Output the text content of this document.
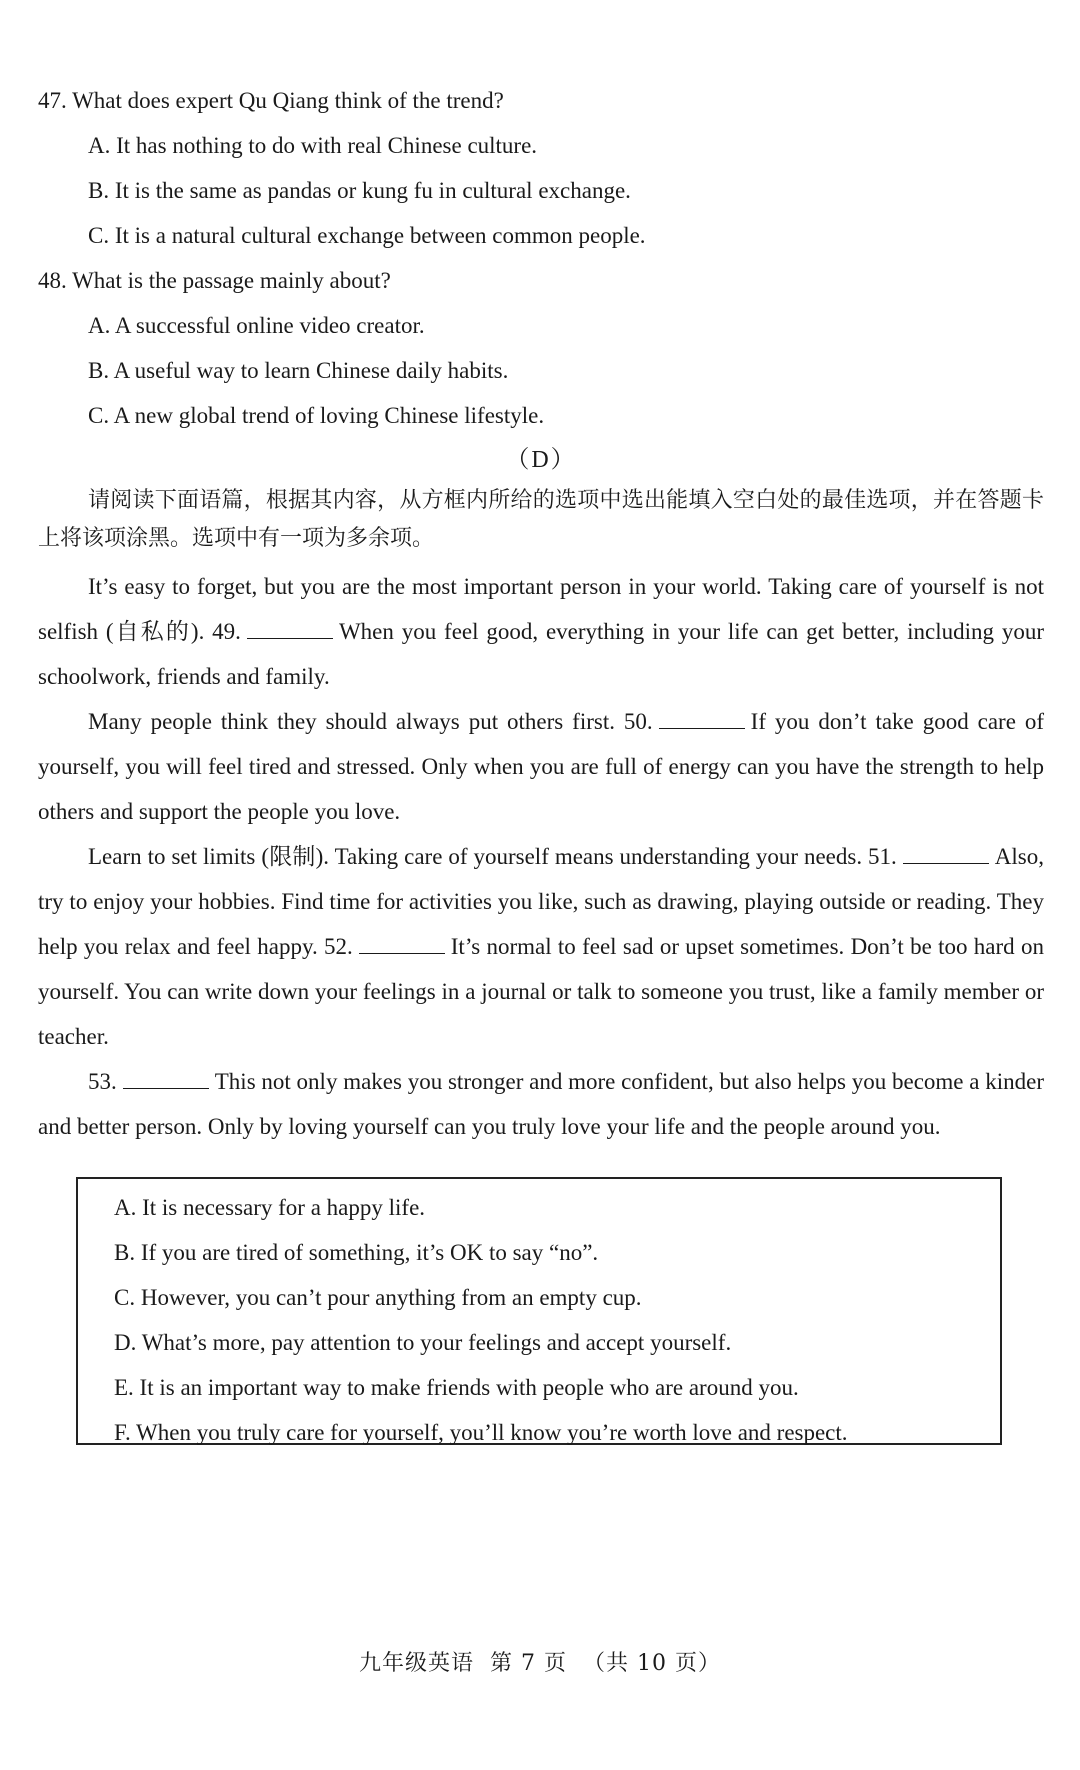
47. What does expert Qu Qiang think of the trend?
A. It has nothing to do with real Chinese culture.
B. It is the same as pandas or kung fu in cultural exchange.
C. It is a natural cultural exchange between common people.
48. What is the passage mainly about?
A. A successful online video creator.
B. A useful way to learn Chinese daily habits.
C. A new global trend of loving Chinese lifestyle.
（D）

请阅读下面语篇，根据其内容，从方框内所给的选项中选出能填入空白处的最佳选项，并在答题卡上将该项涂黑。选项中有一项为多余项。

It’s easy to forget, but you are the most important person in your world. Taking care of yourself is not selfish (自私的). 49.	When you feel good, everything in your life can get better, including your schoolwork, friends and family.

Many people think they should always put others first. 50.	If you don’t take good care of yourself, you will feel tired and stressed. Only when you are full of energy can you have the strength to help others and support the people you love.

Learn to set limits (限制). Taking care of yourself means understanding your needs. 51.	Also, try to enjoy your hobbies. Find time for activities you like, such as drawing, playing outside or reading. They help you relax and feel happy. 52.	It’s normal to feel sad or upset sometimes. Don’t be too hard on yourself. You can write down your feelings in a journal or talk to someone you trust, like a family member or teacher.

53.	This not only makes you stronger and more confident, but also helps you become a kinder and better person. Only by loving yourself can you truly love your life and the people around you.

A. It is necessary for a happy life.
B. If you are tired of something, it’s OK to say “no”.
C. However, you can’t pour anything from an empty cup.
D. What’s more, pay attention to your feelings and accept yourself.
E. It is an important way to make friends with people who are around you.
F. When you truly care for yourself, you’ll know you’re worth love and respect.
九年级英语 第 7 页 （共 10 页）
